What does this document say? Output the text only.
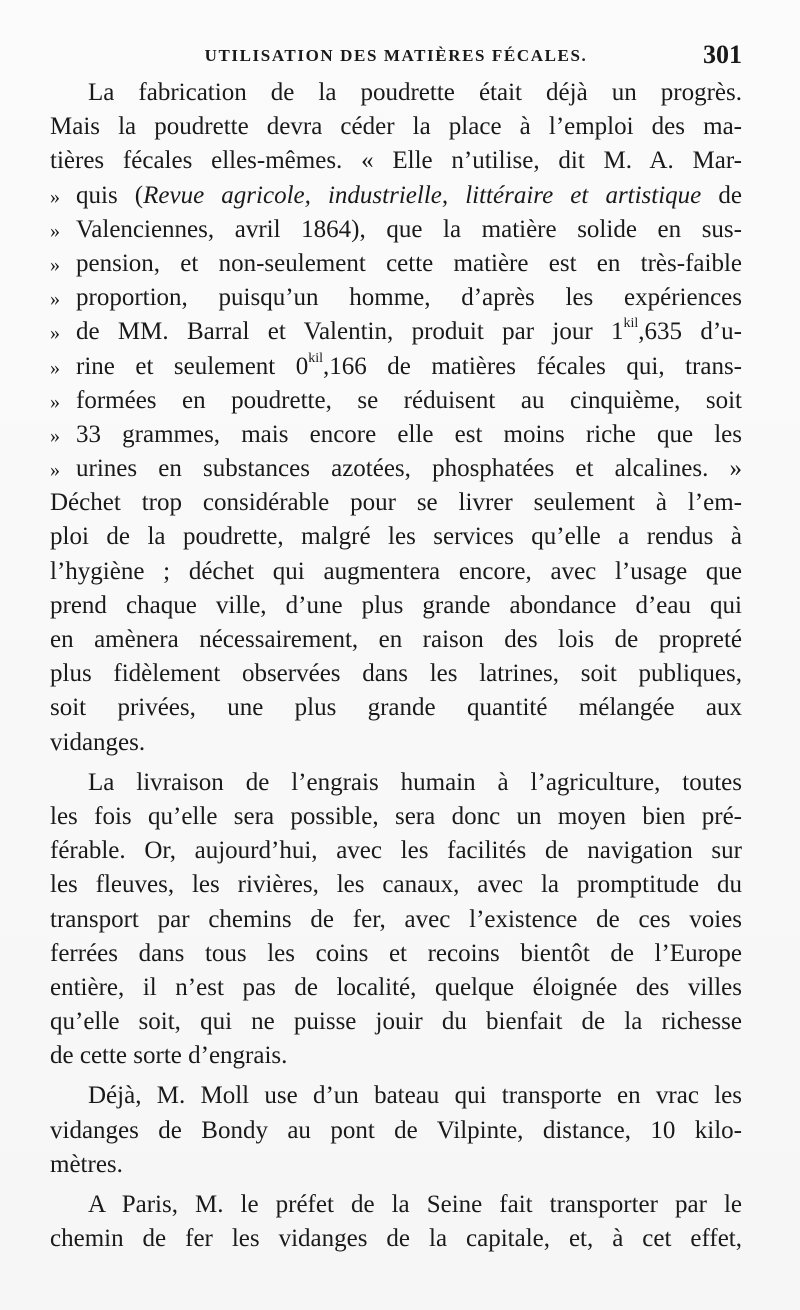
UTILISATION DES MATIÈRES FÉCALES.	301
La fabrication de la poudrette était déjà un progrès.
Mais la poudrette devra céder la place à l’emploi des ma-
tières fécales elles-mêmes. « Elle n’utilise, dit M. A. Mar-
» quis (Revue agricole, industrielle, littéraire et artistique de
» Valenciennes, avril 1864), que la matière solide en sus-
» pension, et non-seulement cette matière est en très-faible
» proportion, puisqu’un homme, d’après les expériences
» de MM. Barral et Valentin, produit par jour $1^{kil},635$ d’u-
» rine et seulement $0^{kil},166$ de matières fécales qui, trans-
» formées en poudrette, se réduisent au cinquième, soit
» 33 grammes, mais encore elle est moins riche que les
» urines en substances azotées, phosphatées et alcalines. »
Déchet trop considérable pour se livrer seulement à l’em-
ploi de la poudrette, malgré les services qu’elle a rendus à
l’hygiène ; déchet qui augmentera encore, avec l’usage que
prend chaque ville, d’une plus grande abondance d’eau qui
en amènera nécessairement, en raison des lois de propreté
plus fidèlement observées dans les latrines, soit publiques,
soit privées, une plus grande quantité mélangée aux
vidanges.
La livraison de l’engrais humain à l’agriculture, toutes
les fois qu’elle sera possible, sera donc un moyen bien pré-
férable. Or, aujourd’hui, avec les facilités de navigation sur
les fleuves, les rivières, les canaux, avec la promptitude du
transport par chemins de fer, avec l’existence de ces voies
ferrées dans tous les coins et recoins bientôt de l’Europe
entière, il n’est pas de localité, quelque éloignée des villes
qu’elle soit, qui ne puisse jouir du bienfait de la richesse
de cette sorte d’engrais.
Déjà, M. Moll use d’un bateau qui transporte en vrac les
vidanges de Bondy au pont de Vilpinte, distance, 10 kilo-
mètres.
A Paris, M. le préfet de la Seine fait transporter par le
chemin de fer les vidanges de la capitale, et, à cet effet,
